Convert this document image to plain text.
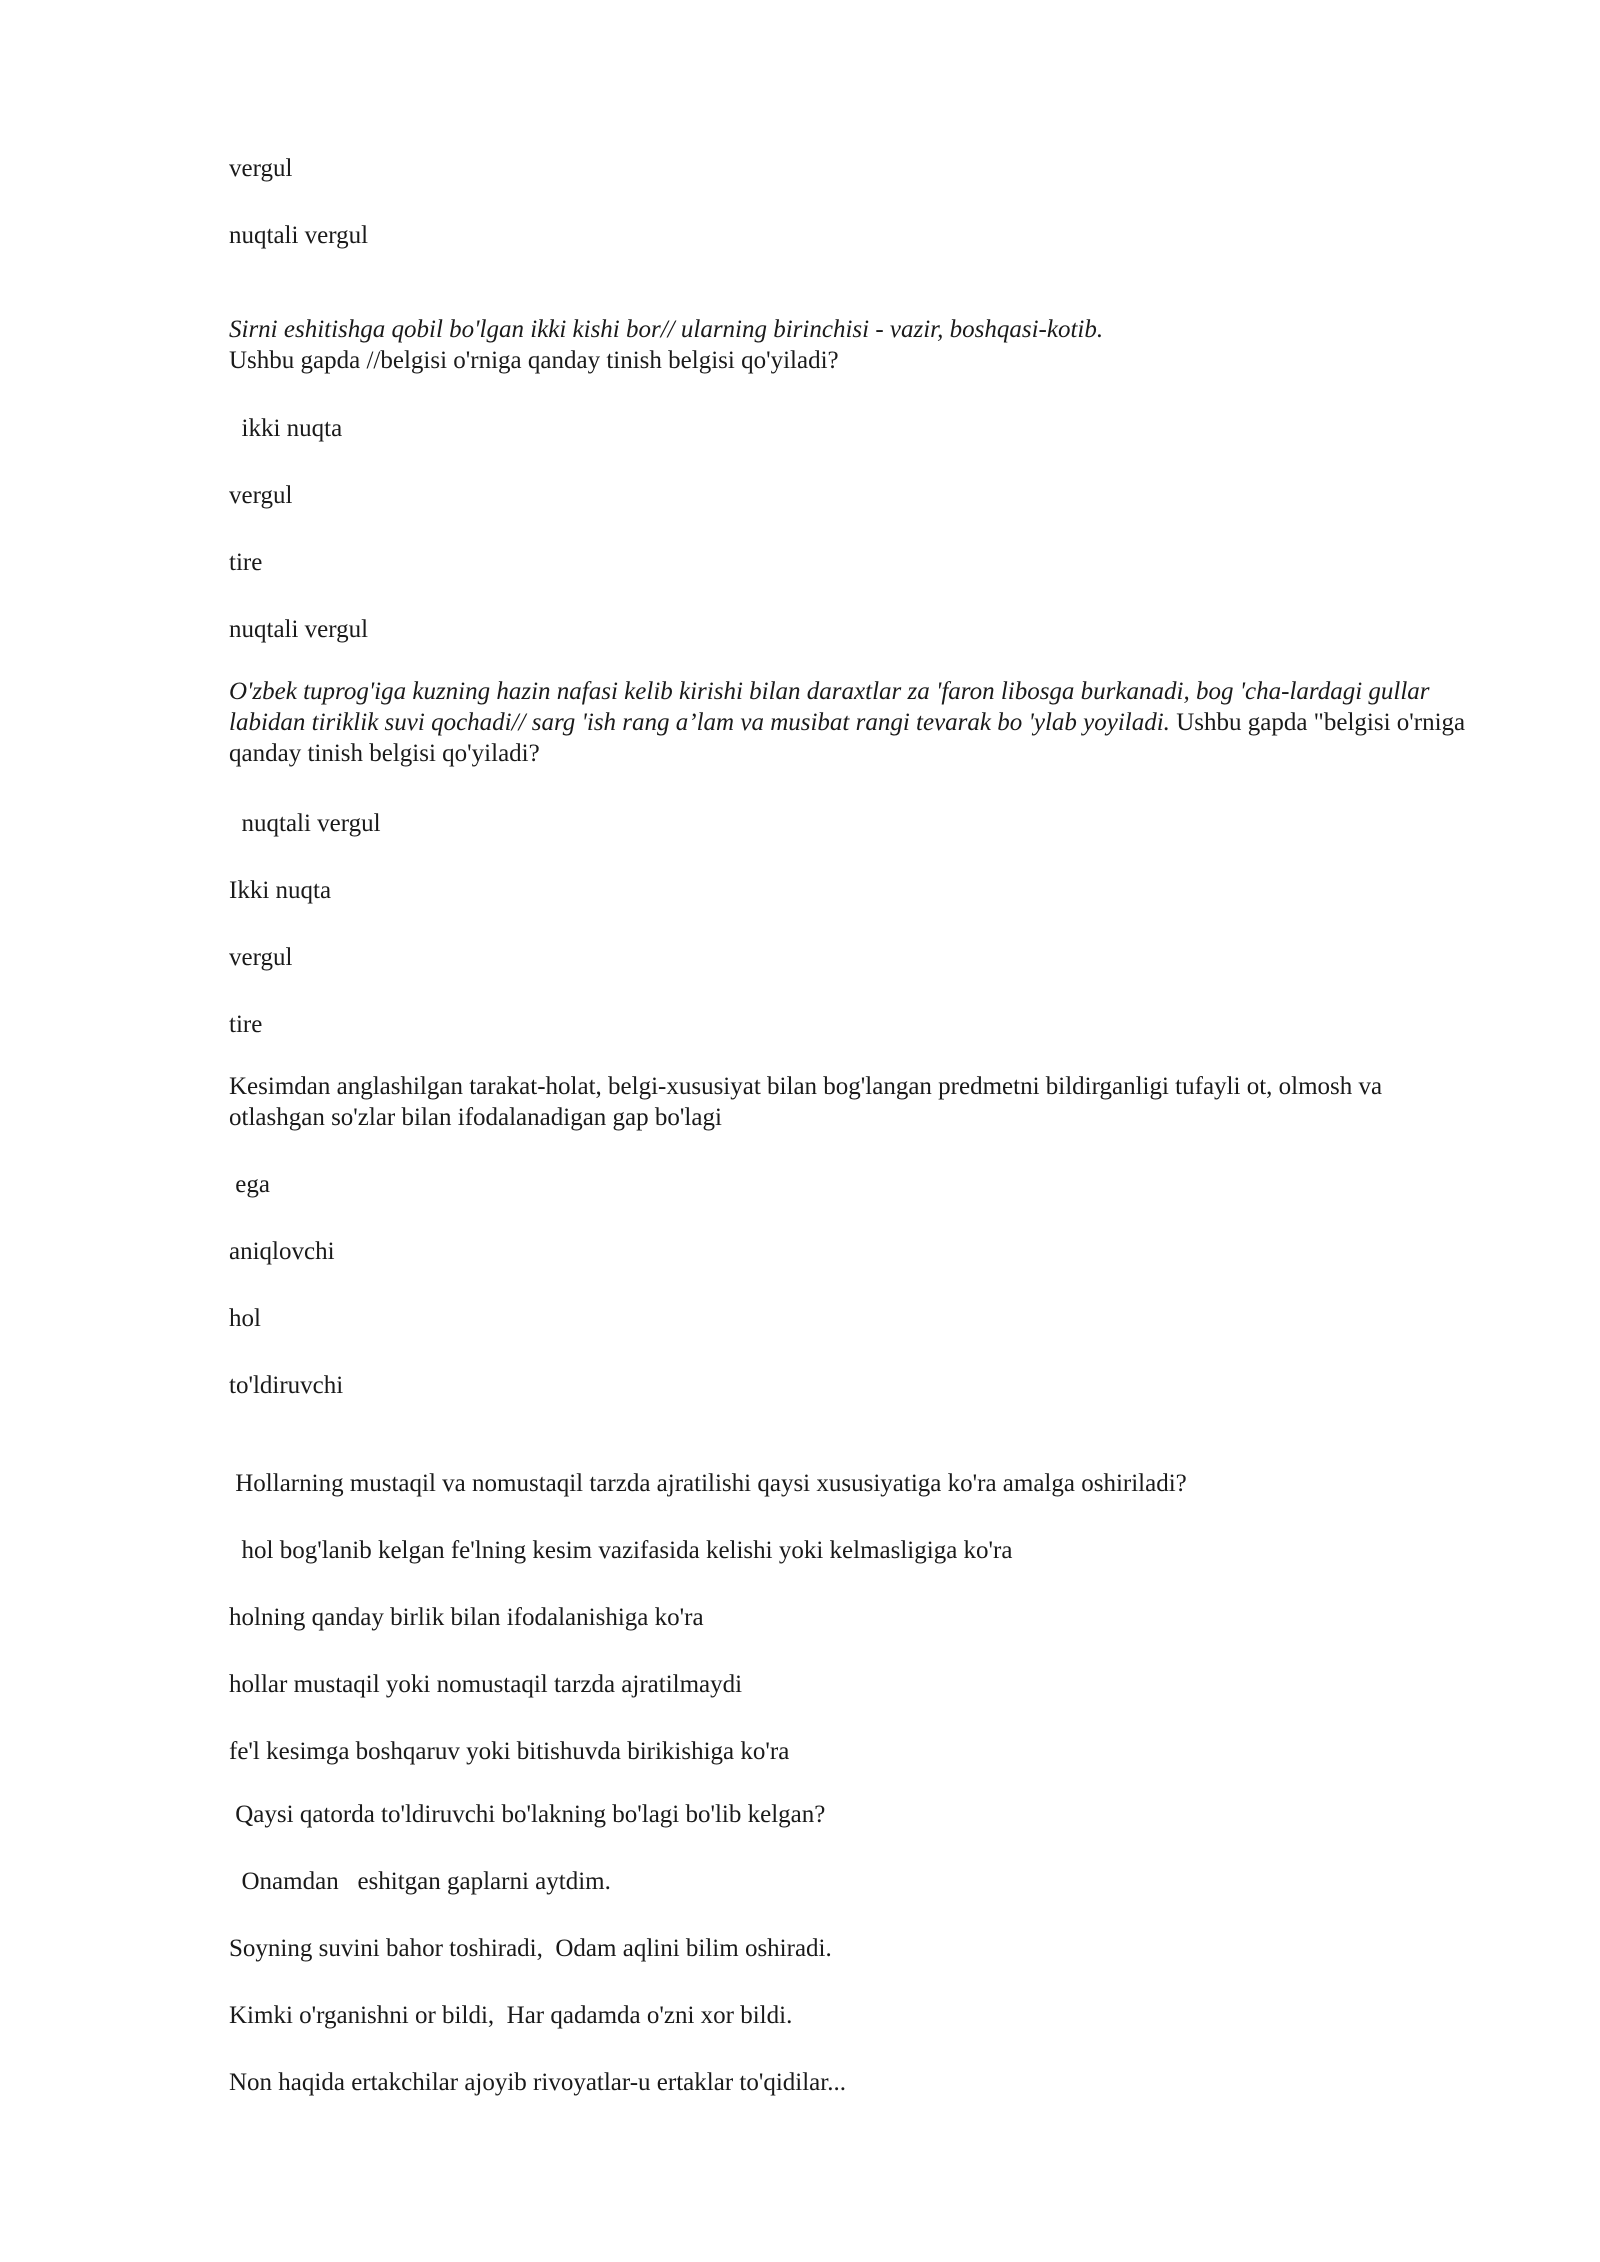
vergul
nuqtali vergul
Sirni eshitishga qobil bo'lgan ikki kishi bor// ularning birinchisi - vazir, boshqasi-kotib.
Ushbu gapda //belgisi o'rniga qanday tinish belgisi qo'yiladi?
ikki nuqta
vergul
tire
nuqtali vergul
O'zbek tuprog'iga kuzning hazin nafasi kelib kirishi bilan daraxtlar za 'faron libosga burkanadi, bog 'cha-lardagi gullar labidan tiriklik suvi qochadi// sarg 'ish rang a’lam va musibat rangi tevarak bo 'ylab yoyiladi. Ushbu gapda "belgisi o'rniga qanday tinish belgisi qo'yiladi?
nuqtali vergul
Ikki nuqta
vergul
tire
Kesimdan anglashilgan tarakat-holat, belgi-xususiyat bilan bog'langan predmetni bildirganligi tufayli ot, olmosh va otlashgan so'zlar bilan ifodalanadigan gap bo'lagi
ega
aniqlovchi
hol
to'ldiruvchi
Hollarning mustaqil va nomustaqil tarzda ajratilishi qaysi xususiyatiga ko'ra amalga oshiriladi?
hol bog'lanib kelgan fe'lning kesim vazifasida kelishi yoki kelmasligiga ko'ra
holning qanday birlik bilan ifodalanishiga ko'ra
hollar mustaqil yoki nomustaqil tarzda ajratilmaydi
fe'l kesimga boshqaruv yoki bitishuvda birikishiga ko'ra
Qaysi qatorda to'ldiruvchi bo'lakning bo'lagi bo'lib kelgan?
Onamdan   eshitgan gaplarni aytdim.
Soyning suvini bahor toshiradi,  Odam aqlini bilim oshiradi.
Kimki o'rganishni or bildi,  Har qadamda o'zni xor bildi.
Non haqida ertakchilar ajoyib rivoyatlar-u ertaklar to'qidilar...
